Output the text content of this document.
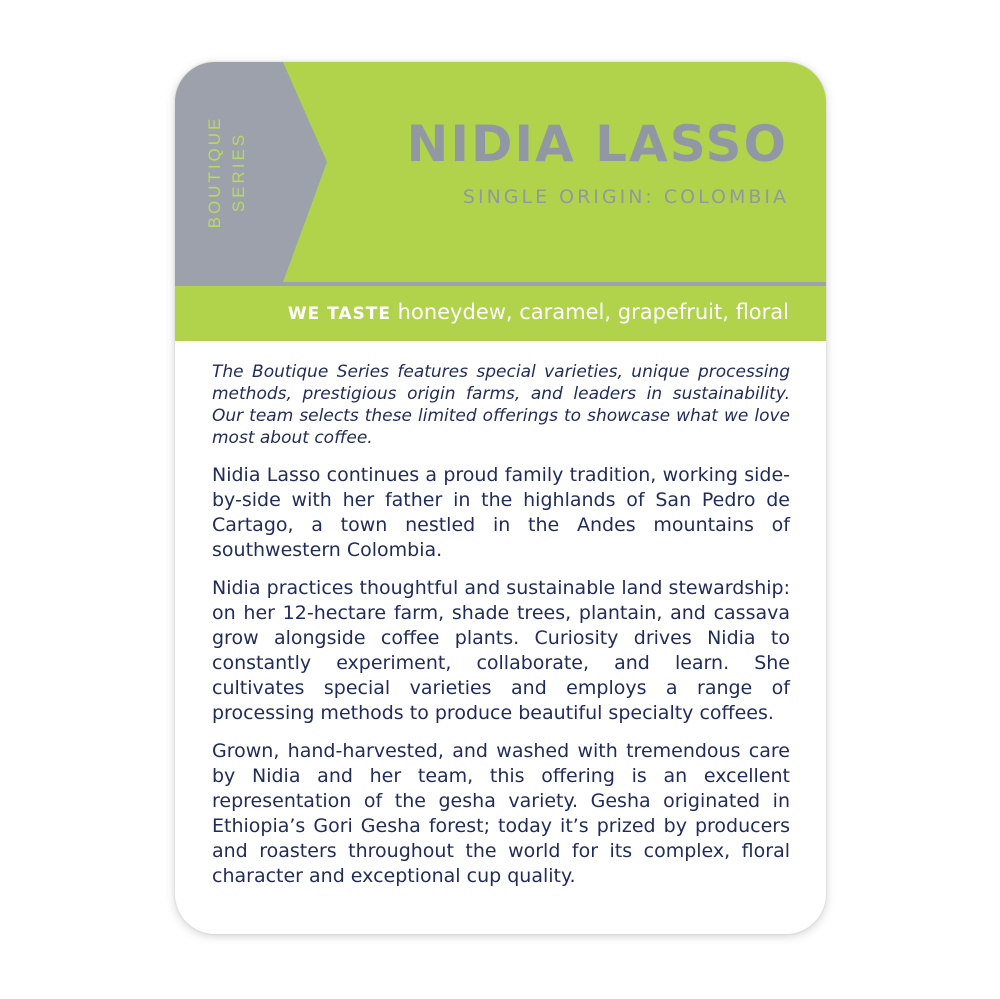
BOUTIQUE SERIES	NIDIA LASSO
SINGLE ORIGIN: COLOMBIA
WE TASTE honeydew, caramel, grapefruit, floral

The Boutique Series features special varieties, unique processing methods, prestigious origin farms, and leaders in sustainability. Our team selects these limited offerings to showcase what we love most about coffee.

Nidia Lasso continues a proud family tradition, working side-by-side with her father in the highlands of San Pedro de Cartago, a town nestled in the Andes mountains of southwestern Colombia.

Nidia practices thoughtful and sustainable land stewardship: on her 12-hectare farm, shade trees, plantain, and cassava grow alongside coffee plants. Curiosity drives Nidia to constantly experiment, collaborate, and learn. She cultivates special varieties and employs a range of processing methods to produce beautiful specialty coffees.

Grown, hand-harvested, and washed with tremendous care by Nidia and her team, this offering is an excellent representation of the gesha variety. Gesha originated in Ethiopia’s Gori Gesha forest; today it’s prized by producers and roasters throughout the world for its complex, floral character and exceptional cup quality.
